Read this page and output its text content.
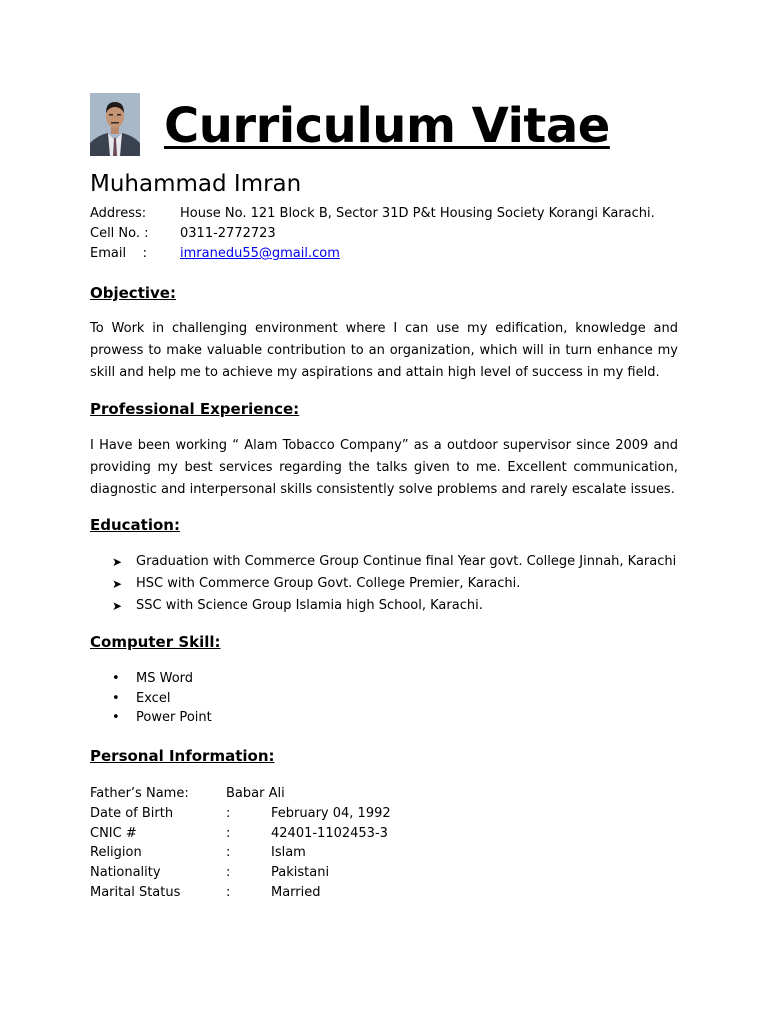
Curriculum Vitae
Muhammad Imran
Address:	House No. 121 Block B, Sector 31D P&t Housing Society Korangi Karachi.
Cell No. : 0311-2772723
Email    :	imranedu55@gmail.com
Objective:

To Work in challenging environment where I can use my edification, knowledge and prowess to make valuable contribution to an organization, which will in turn enhance my skill and help me to achieve my aspirations and attain high level of success in my field.

Professional Experience:

I Have been working “ Alam Tobacco Company” as a outdoor supervisor since 2009 and providing my best services regarding the talks given to me. Excellent communication, diagnostic and interpersonal skills consistently solve problems and rarely escalate issues.

Education:
➤ Graduation with Commerce Group Continue final Year govt. College Jinnah, Karachi
➤ HSC with Commerce Group Govt. College Premier, Karachi.
➤ SSC with Science Group Islamia high School, Karachi.
Computer Skill:
• MS Word
• Excel
• Power Point
Personal Information:
Father’s Name:	Babar Ali
Date of Birth	:	February 04, 1992
CNIC #	:	42401-1102453-3
Religion	:	Islam
Nationality	:	Pakistani
Marital Status	:	Married
